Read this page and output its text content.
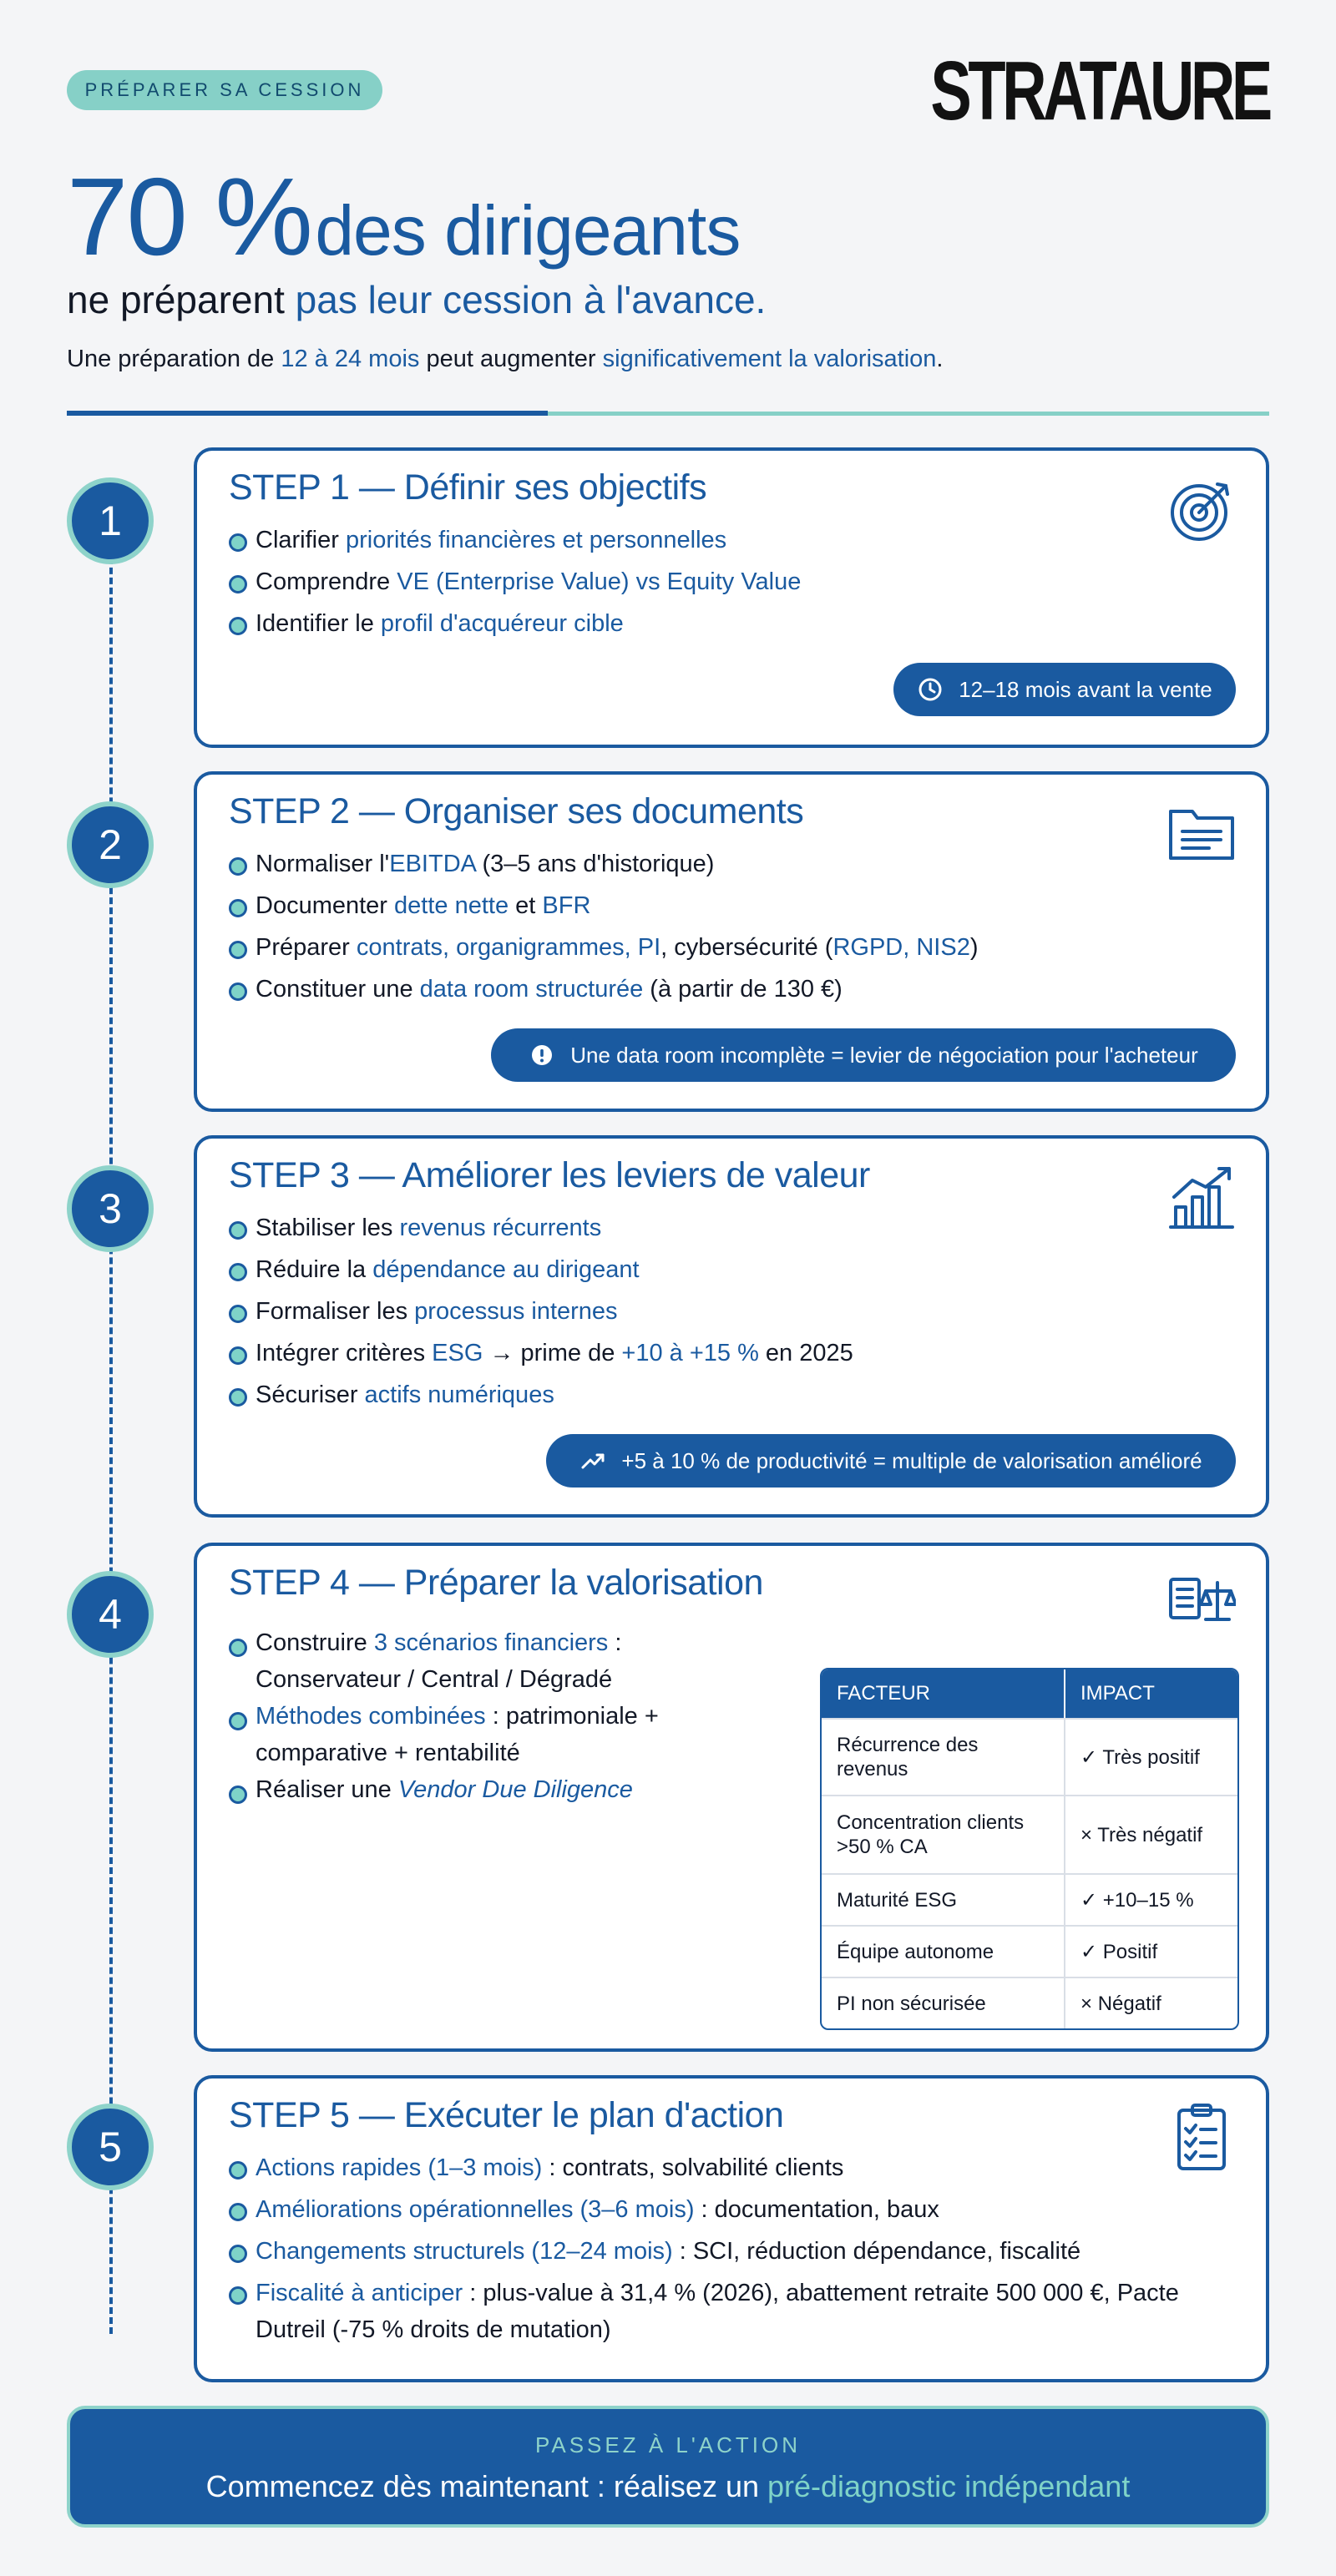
PRÉPARER SA CESSION	STRATAURE
70 % des dirigeants
ne préparent pas leur cession à l'avance.
Une préparation de 12 à 24 mois peut augmenter significativement la valorisation.
1
2
3
4
5
STEP 1 — Définir ses objectifs
Clarifier priorités financières et personnelles
Comprendre VE (Enterprise Value) vs Equity Value
Identifier le profil d'acquéreur cible
12–18 mois avant la vente
STEP 2 — Organiser ses documents
Normaliser l'EBITDA (3–5 ans d'historique)
Documenter dette nette et BFR
Préparer contrats, organigrammes, PI, cybersécurité (RGPD, NIS2)
Constituer une data room structurée (à partir de 130 €)
Une data room incomplète = levier de négociation pour l'acheteur
STEP 3 — Améliorer les leviers de valeur
Stabiliser les revenus récurrents
Réduire la dépendance au dirigeant
Formaliser les processus internes
Intégrer critères ESG → prime de +10 à +15 % en 2025
Sécuriser actifs numériques
+5 à 10 % de productivité = multiple de valorisation amélioré
STEP 4 — Préparer la valorisation
Construire 3 scénarios financiers :
Conservateur / Central / Dégradé
Méthodes combinées : patrimoniale +
comparative + rentabilité
Réaliser une Vendor Due Diligence
FACTEUR	IMPACT
Récurrence des revenus	✓ Très positif
Concentration clients >50 % CA	× Très négatif
Maturité ESG	✓ +10–15 %
Équipe autonome	✓ Positif
PI non sécurisée	× Négatif
STEP 5 — Exécuter le plan d'action
Actions rapides (1–3 mois) : contrats, solvabilité clients
Améliorations opérationnelles (3–6 mois) : documentation, baux
Changements structurels (12–24 mois) : SCI, réduction dépendance, fiscalité
Fiscalité à anticiper : plus-value à 31,4 % (2026), abattement retraite 500 000 €, Pacte
Dutreil (-75 % droits de mutation)
PASSEZ À L'ACTION
Commencez dès maintenant : réalisez un pré-diagnostic indépendant
